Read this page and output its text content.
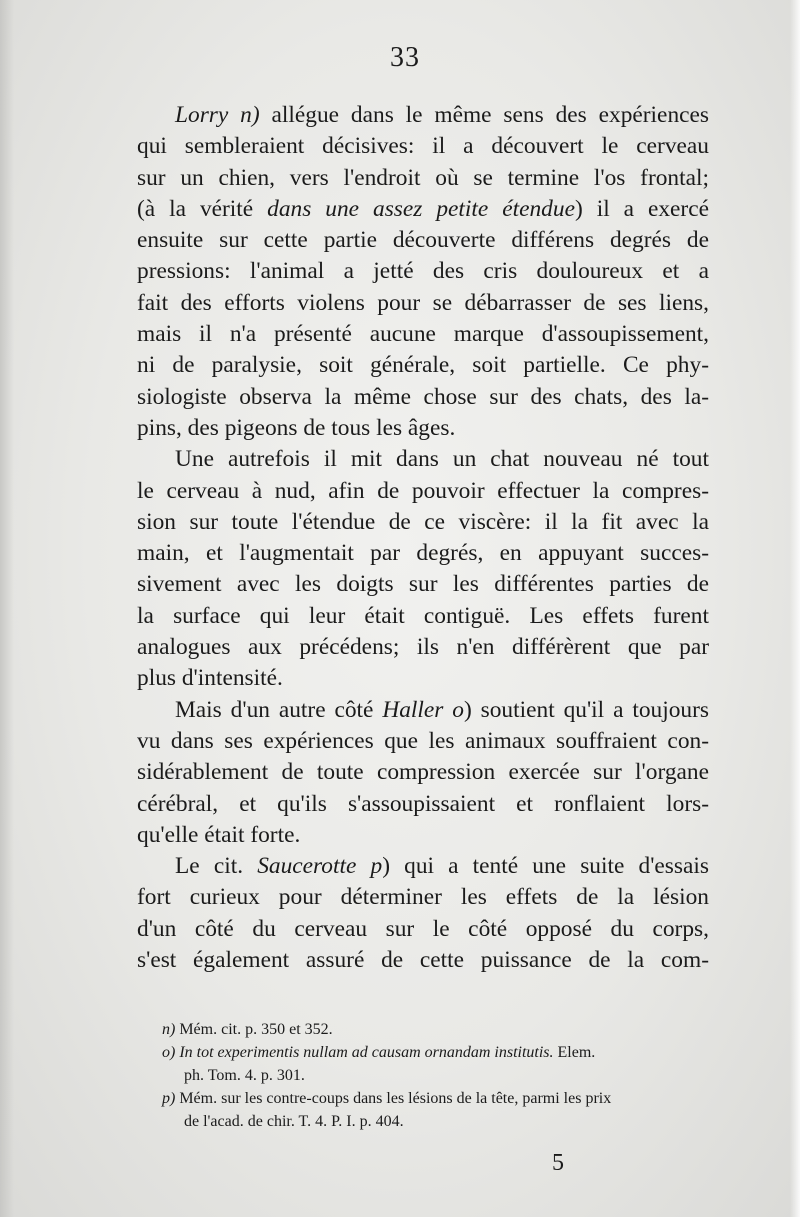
33
Lorry n) allégue dans le même sens des expériences
qui sembleraient décisives: il a découvert le cerveau
sur un chien, vers l'endroit où se termine l'os frontal;
(à la vérité dans une assez petite étendue) il a exercé
ensuite sur cette partie découverte différens degrés de
pressions: l'animal a jetté des cris douloureux et a
fait des efforts violens pour se débarrasser de ses liens,
mais il n'a présenté aucune marque d'assoupissement,
ni de paralysie, soit générale, soit partielle. Ce phy-
siologiste observa la même chose sur des chats, des la-
pins, des pigeons de tous les âges.
Une autrefois il mit dans un chat nouveau né tout
le cerveau à nud, afin de pouvoir effectuer la compres-
sion sur toute l'étendue de ce viscère: il la fit avec la
main, et l'augmentait par degrés, en appuyant succes-
sivement avec les doigts sur les différentes parties de
la surface qui leur était contiguë. Les effets furent
analogues aux précédens; ils n'en différèrent que par
plus d'intensité.
Mais d'un autre côté Haller o) soutient qu'il a toujours
vu dans ses expériences que les animaux souffraient con-
sidérablement de toute compression exercée sur l'organe
cérébral, et qu'ils s'assoupissaient et ronflaient lors-
qu'elle était forte.
Le cit. Saucerotte p) qui a tenté une suite d'essais
fort curieux pour déterminer les effets de la lésion
d'un côté du cerveau sur le côté opposé du corps,
s'est également assuré de cette puissance de la com-
n) Mém. cit. p. 350 et 352.
o) In tot experimentis nullam ad causam ornandam institutis. Elem.
ph. Tom. 4. p. 301.
p) Mém. sur les contre-coups dans les lésions de la tête, parmi les prix
de l'acad. de chir. T. 4. P. I. p. 404.
5
